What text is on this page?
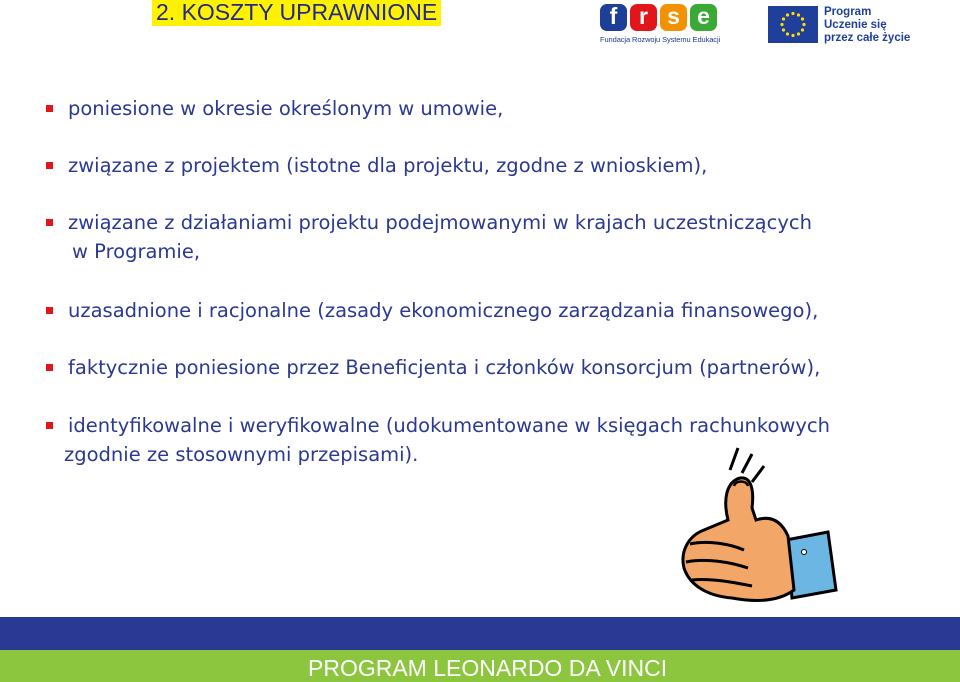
2. KOSZTY UPRAWNIONE	f r s e
Fundacja Rozwoju Systemu Edukacji
Program
Uczenie się
przez całe życie
poniesione w okresie określonym w umowie,
związane z projektem (istotne dla projektu, zgodne z wnioskiem),
związane z działaniami projektu podejmowanymi w krajach uczestniczących
w Programie,
uzasadnione i racjonalne (zasady ekonomicznego zarządzania finansowego),
faktycznie poniesione przez Beneficjenta i członków konsorcjum (partnerów),
identyfikowalne i weryfikowalne (udokumentowane w księgach rachunkowych
zgodnie ze stosownymi przepisami).
PROGRAM LEONARDO DA VINCI
